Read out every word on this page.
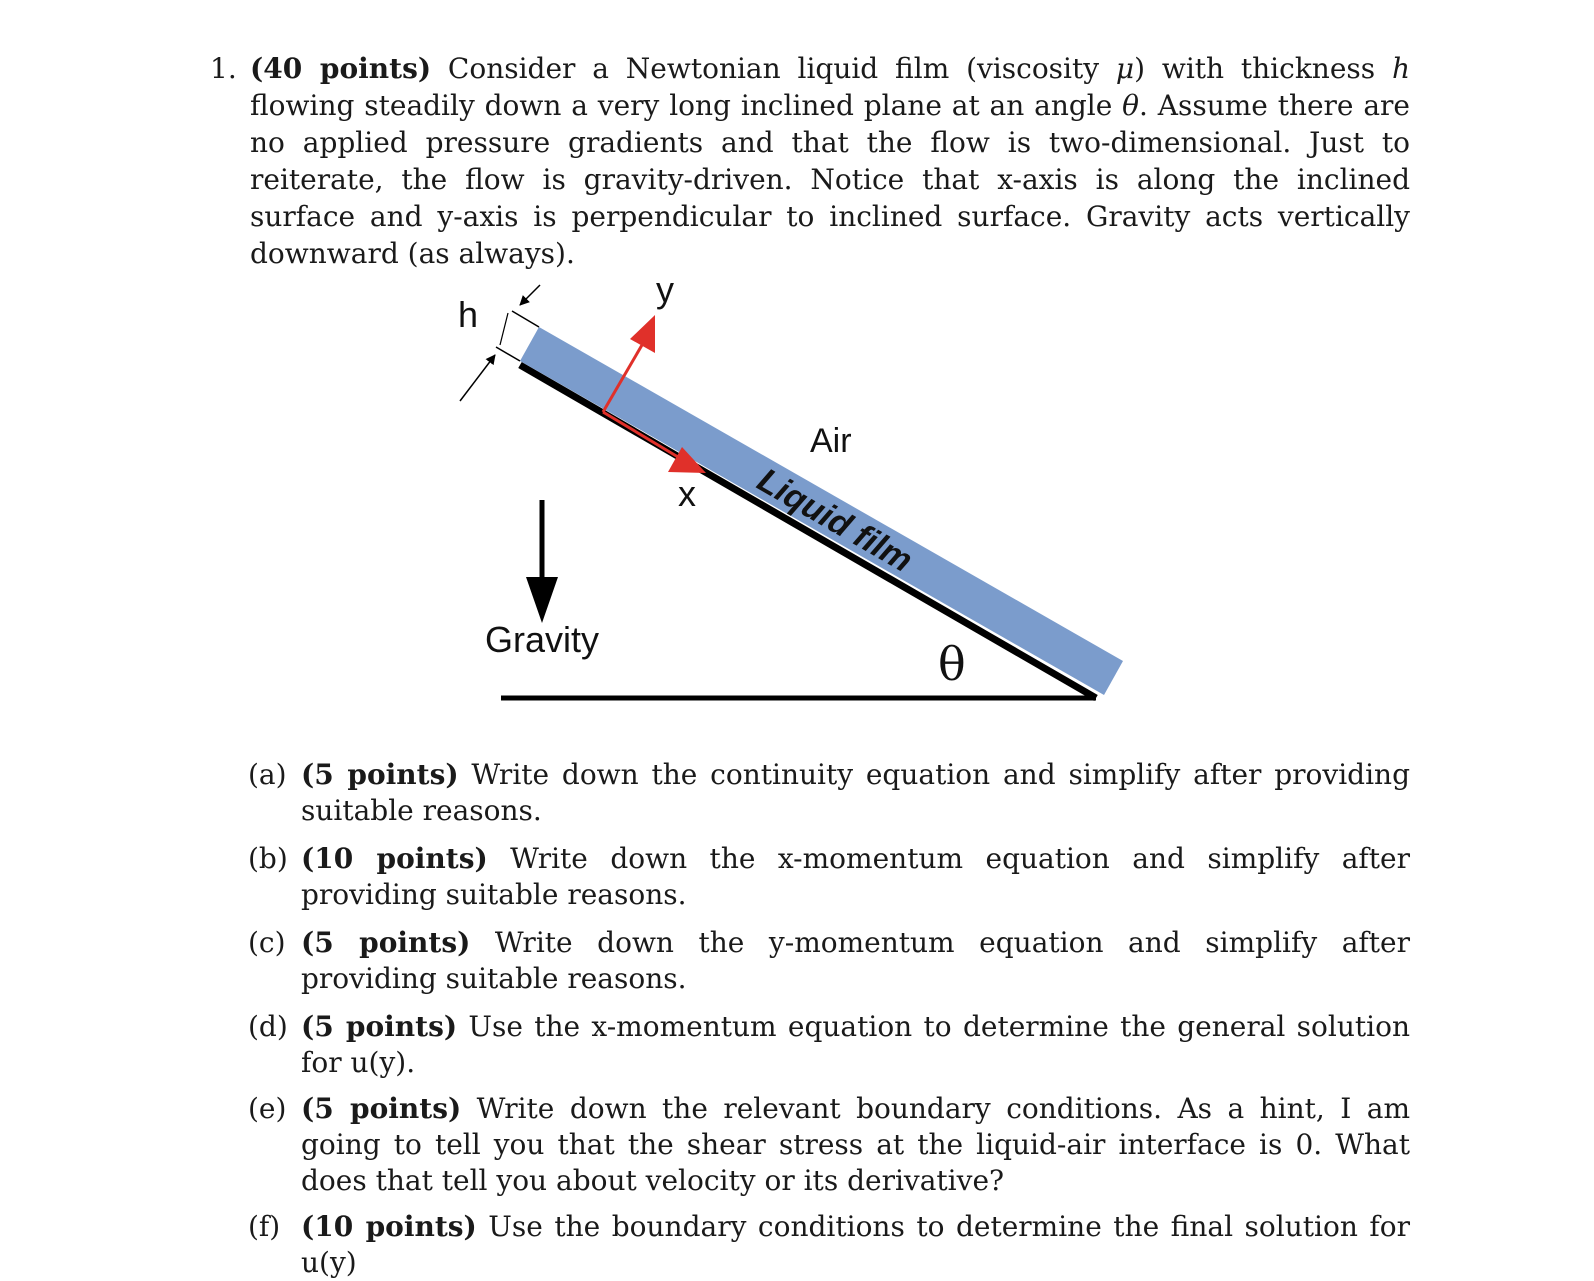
1. (40 points) Consider a Newtonian liquid film (viscosity μ) with thickness h flowing steadily down a very long inclined plane at an angle θ. Assume there are no applied pressure gradients and that the flow is two-dimensional. Just to reiterate, the flow is gravity-driven. Notice that x-axis is along the inclined surface and y-axis is perpendicular to inclined surface. Gravity acts vertically downward (as always).
h
y
x
Air
Liquid film
Gravity	θ
(a) (5 points) Write down the continuity equation and simplify after providing suitable reasons.
(b) (10 points) Write down the x-momentum equation and simplify after providing suitable reasons.
(c) (5 points) Write down the y-momentum equation and simplify after providing suitable reasons.
(d) (5 points) Use the x-momentum equation to determine the general solution for u(y).
(e) (5 points) Write down the relevant boundary conditions. As a hint, I am going to tell you that the shear stress at the liquid-air interface is 0. What does that tell you about velocity or its derivative?
(f) (10 points) Use the boundary conditions to determine the final solution for u(y)
